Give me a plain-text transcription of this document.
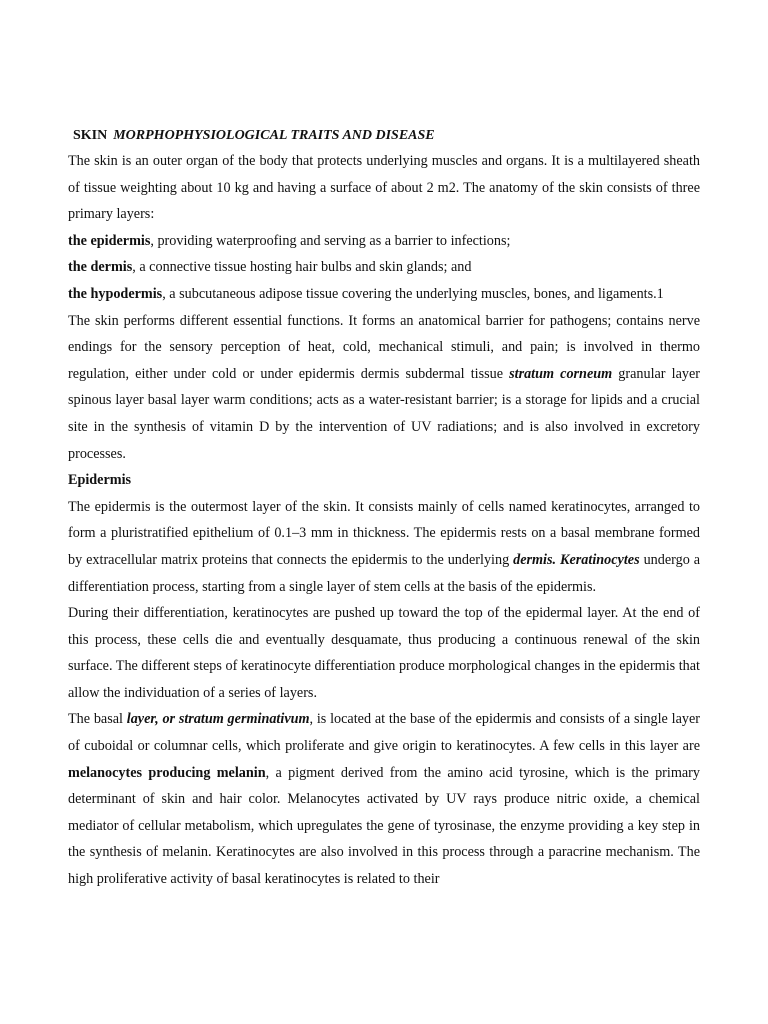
SKIN MORPHOPHYSIOLOGICAL TRAITS AND DISEASE

The skin is an outer organ of the body that protects underlying muscles and organs. It is a multilayered sheath of tissue weighting about 10 kg and having a surface of about 2 m2. The anatomy of the skin consists of three primary layers:

the epidermis, providing waterproofing and serving as a barrier to infections;

the dermis, a connective tissue hosting hair bulbs and skin glands; and

the hypodermis, a subcutaneous adipose tissue covering the underlying muscles, bones, and ligaments.1

The skin performs different essential functions. It forms an anatomical barrier for pathogens; contains nerve endings for the sensory perception of heat, cold, mechanical stimuli, and pain; is involved in thermo regulation, either under cold or under epidermis dermis subdermal tissue stratum corneum granular layer spinous layer basal layer warm conditions; acts as a water-resistant barrier; is a storage for lipids and a crucial site in the synthesis of vitamin D by the intervention of UV radiations; and is also involved in excretory processes.

Epidermis

The epidermis is the outermost layer of the skin. It consists mainly of cells named keratinocytes, arranged to form a pluristratified epithelium of 0.1–3 mm in thickness. The epidermis rests on a basal membrane formed by extracellular matrix proteins that connects the epidermis to the underlying dermis. Keratinocytes undergo a differentiation process, starting from a single layer of stem cells at the basis of the epidermis.

During their differentiation, keratinocytes are pushed up toward the top of the epidermal layer. At the end of this process, these cells die and eventually desquamate, thus producing a continuous renewal of the skin surface. The different steps of keratinocyte differentiation produce morphological changes in the epidermis that allow the individuation of a series of layers.

The basal layer, or stratum germinativum, is located at the base of the epidermis and consists of a single layer of cuboidal or columnar cells, which proliferate and give origin to keratinocytes. A few cells in this layer are melanocytes producing melanin, a pigment derived from the amino acid tyrosine, which is the primary determinant of skin and hair color. Melanocytes activated by UV rays produce nitric oxide, a chemical mediator of cellular metabolism, which upregulates the gene of tyrosinase, the enzyme providing a key step in the synthesis of melanin. Keratinocytes are also involved in this process through a paracrine mechanism. The high proliferative activity of basal keratinocytes is related to their
